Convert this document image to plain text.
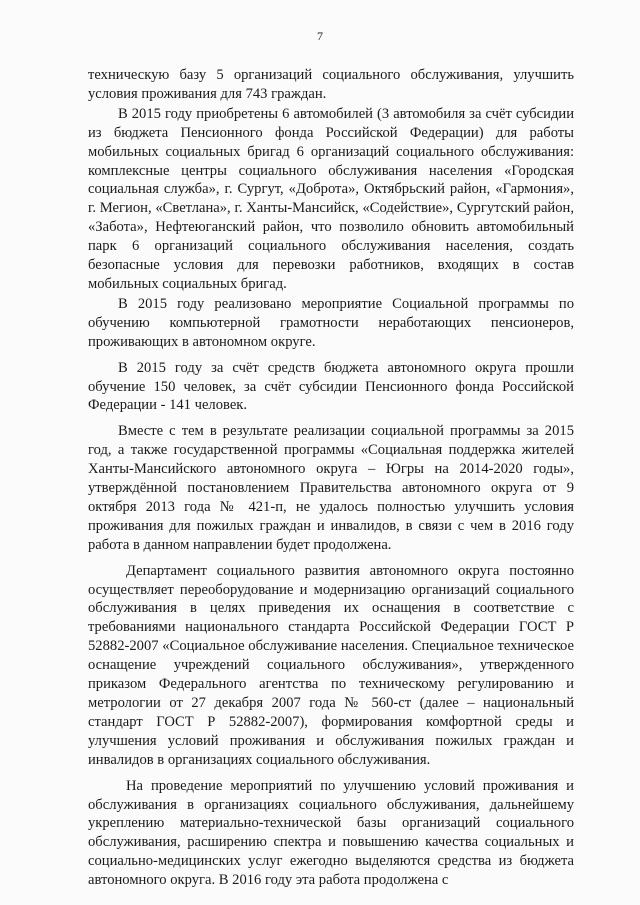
7

техническую базу 5 организаций социального обслуживания, улучшить условия проживания для 743 граждан.

В 2015 году приобретены 6 автомобилей (3 автомобиля за счёт субсидии из бюджета Пенсионного фонда Российской Федерации) для работы мобильных социальных бригад 6 организаций социального обслуживания: комплексные центры социального обслуживания населения «Городская социальная служба», г. Сургут, «Доброта», Октябрьский район, «Гармония», г. Мегион, «Светлана», г. Ханты-Мансийск, «Содействие», Сургутский район, «Забота», Нефтеюганский район, что позволило обновить автомобильный парк 6 организаций социального обслуживания населения, создать безопасные условия для перевозки работников, входящих в состав мобильных социальных бригад.

В 2015 году реализовано мероприятие Социальной программы по обучению компьютерной грамотности неработающих пенсионеров, проживающих в автономном округе.

В 2015 году за счёт средств бюджета автономного округа прошли обучение 150 человек, за счёт субсидии Пенсионного фонда Российской Федерации - 141 человек.

Вместе с тем в результате реализации социальной программы за 2015 год, а также государственной программы «Социальная поддержка жителей Ханты-Мансийского автономного округа – Югры на 2014-2020 годы», утверждённой постановлением Правительства автономного округа от 9 октября 2013 года № 421-п, не удалось полностью улучшить условия проживания для пожилых граждан и инвалидов, в связи с чем в 2016 году работа в данном направлении будет продолжена.

Департамент социального развития автономного округа постоянно осуществляет переоборудование и модернизацию организаций социального обслуживания в целях приведения их оснащения в соответствие с требованиями национального стандарта Российской Федерации ГОСТ Р 52882-2007 «Социальное обслуживание населения. Специальное техническое оснащение учреждений социального обслуживания», утвержденного приказом Федерального агентства по техническому регулированию и метрологии от 27 декабря 2007 года № 560-ст (далее – национальный стандарт ГОСТ Р 52882-2007), формирования комфортной среды и улучшения условий проживания и обслуживания пожилых граждан и инвалидов в организациях социального обслуживания.

На проведение мероприятий по улучшению условий проживания и обслуживания в организациях социального обслуживания, дальнейшему укреплению материально-технической базы организаций социального обслуживания, расширению спектра и повышению качества социальных и социально-медицинских услуг ежегодно выделяются средства из бюджета автономного округа. В 2016 году эта работа продолжена с
